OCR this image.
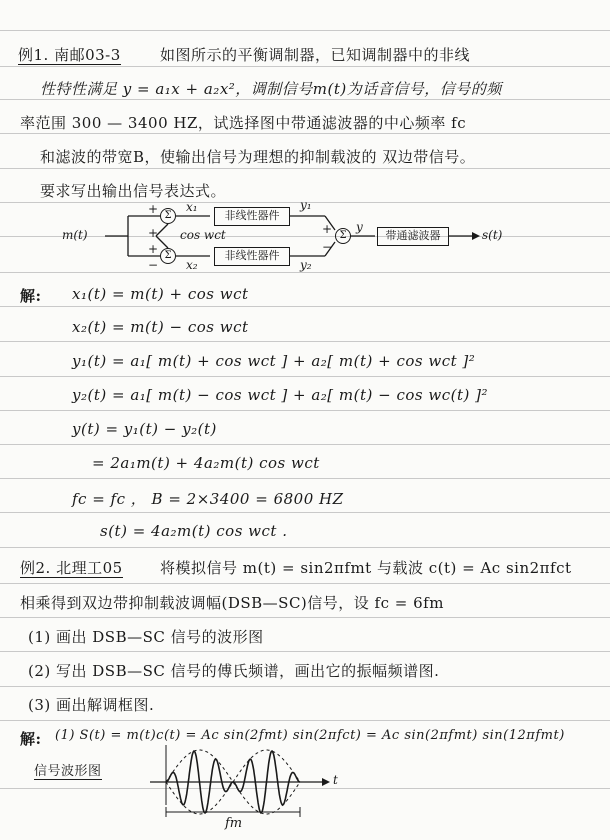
例1. 南邮03-3	如图所示的平衡调制器，已知调制器中的非线
性特性满足 y = a₁x + a₂x²，调制信号m(t)为话音信号，信号的频
率范围 300 — 3400 HZ，试选择图中带通滤波器的中心频率 fc
和滤波的带宽B，使输出信号为理想的抑制载波的 双边带信号。
要求写出输出信号表达式。
m(t)
Σ
Σ
+
+
+
−
cos wct
x₁
x₂
非线性器件
非线性器件
y₁
y₂
+
−
Σ
y
带通滤波器	s(t)
解: x₁(t) = m(t) + cos wct
x₂(t) = m(t) − cos wct
y₁(t) = a₁[ m(t) + cos wct ] + a₂[ m(t) + cos wct ]²
y₂(t) = a₁[ m(t) − cos wct ] + a₂[ m(t) − cos wc(t) ]²
y(t) = y₁(t) − y₂(t)
= 2a₁m(t) + 4a₂m(t) cos wct
fc = fc ， B = 2×3400 = 6800 HZ
s(t) = 4a₂m(t) cos wct .
例2. 北理工05 将模拟信号 m(t) = sin2πfmt 与载波 c(t) = Ac sin2πfct
相乘得到双边带抑制载波调幅(DSB—SC)信号，设 fc = 6fm
(1) 画出 DSB—SC 信号的波形图
(2) 写出 DSB—SC 信号的傅氏频谱，画出它的振幅频谱图.
(3) 画出解调框图.
解: (1) S(t) = m(t)c(t) = Ac sin(2fmt) sin(2πfct) = Ac sin(2πfmt) sin(12πfmt)
信号波形图
t
fm
